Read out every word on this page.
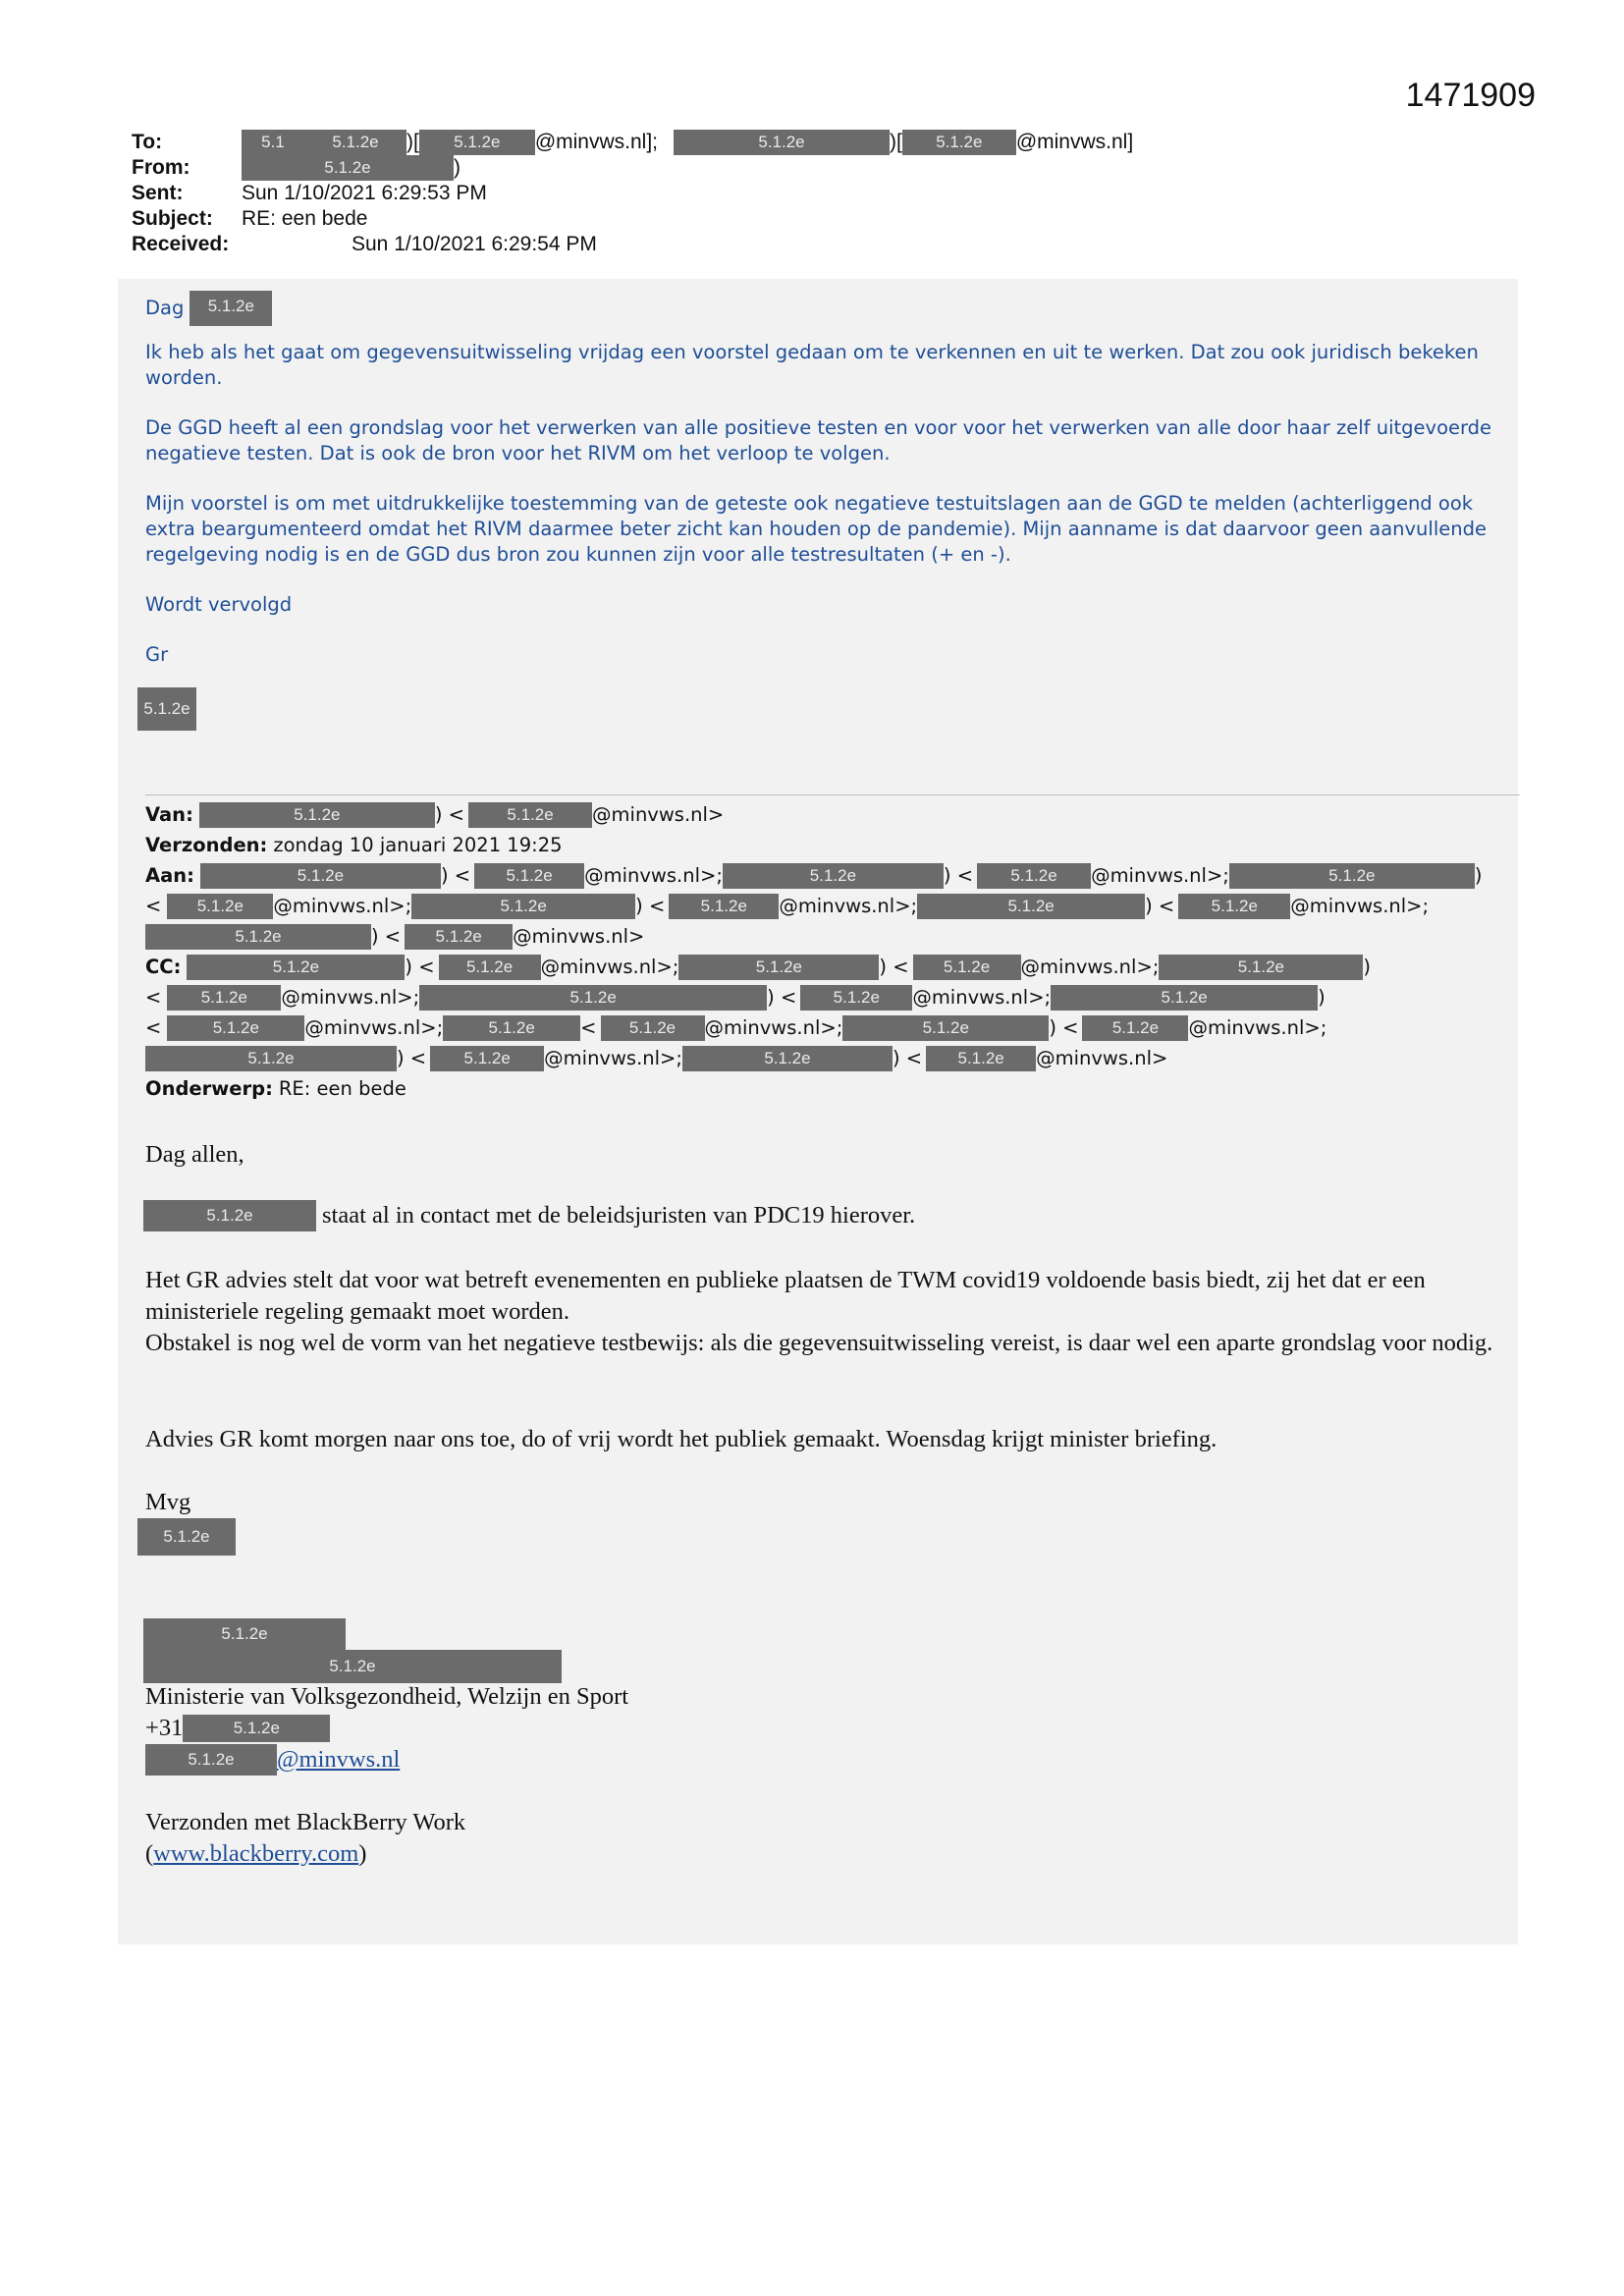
1471909
To:	5.1	5.1.2e	)[	5.1.2e	@minvws.nl];	5.1.2e	)[	5.1.2e	@minvws.nl]
From:	5.1.2e	)
Sent:	Sun 1/10/2021 6:29:53 PM
Subject:	RE: een bede
Received:	Sun 1/10/2021 6:29:54 PM
Dag	5.1.2e
Ik heb als het gaat om gegevensuitwisseling vrijdag een voorstel gedaan om te verkennen en uit te werken. Dat zou ook juridisch bekeken worden.
De GGD heeft al een grondslag voor het verwerken van alle positieve testen en voor voor het verwerken van alle door haar zelf uitgevoerde negatieve testen. Dat is ook de bron voor het RIVM om het verloop te volgen.
Mijn voorstel is om met uitdrukkelijke toestemming van de geteste ook negatieve testuitslagen aan de GGD te melden (achterliggend ook extra beargumenteerd omdat het RIVM daarmee beter zicht kan houden op de pandemie). Mijn aanname is dat daarvoor geen aanvullende regelgeving nodig is en de GGD dus bron zou kunnen zijn voor alle testresultaten (+ en -).
Wordt vervolgd
Gr
5.1.2e
Van:	5.1.2e	) <	5.1.2e	@minvws.nl>
Verzonden: zondag 10 januari 2021 19:25
Aan:	5.1.2e	) <	5.1.2e	@minvws.nl>;	5.1.2e	) <	5.1.2e	@minvws.nl>;	5.1.2e	)
<	5.1.2e	@minvws.nl>;	5.1.2e	) <	5.1.2e	@minvws.nl>;	5.1.2e	) <	5.1.2e	@minvws.nl>;
5.1.2e	) <	5.1.2e	@minvws.nl>
CC:	5.1.2e	) <	5.1.2e	@minvws.nl>;	5.1.2e	) <	5.1.2e	@minvws.nl>;	5.1.2e	)
<	5.1.2e	@minvws.nl>;	5.1.2e	) <	5.1.2e	@minvws.nl>;	5.1.2e	)
<	5.1.2e	@minvws.nl>;	5.1.2e	<	5.1.2e	@minvws.nl>;	5.1.2e	) <	5.1.2e	@minvws.nl>;
5.1.2e	) <	5.1.2e	@minvws.nl>;	5.1.2e	) <	5.1.2e	@minvws.nl>
Onderwerp: RE: een bede
Dag allen,
5.1.2e	staat al in contact met de beleidsjuristen van PDC19 hierover.
Het GR advies stelt dat voor wat betreft evenementen en publieke plaatsen de TWM covid19 voldoende basis biedt, zij het dat er een ministeriele regeling gemaakt moet worden.
Obstakel is nog wel de vorm van het negatieve testbewijs: als die gegevensuitwisseling vereist, is daar wel een aparte grondslag voor nodig.
Advies GR komt morgen naar ons toe, do of vrij wordt het publiek gemaakt. Woensdag krijgt minister briefing.
Mvg
5.1.2e
5.1.2e
5.1.2e
Ministerie van Volksgezondheid, Welzijn en Sport
+31	5.1.2e
5.1.2e	@minvws.nl
Verzonden met BlackBerry Work
(www.blackberry.com)
